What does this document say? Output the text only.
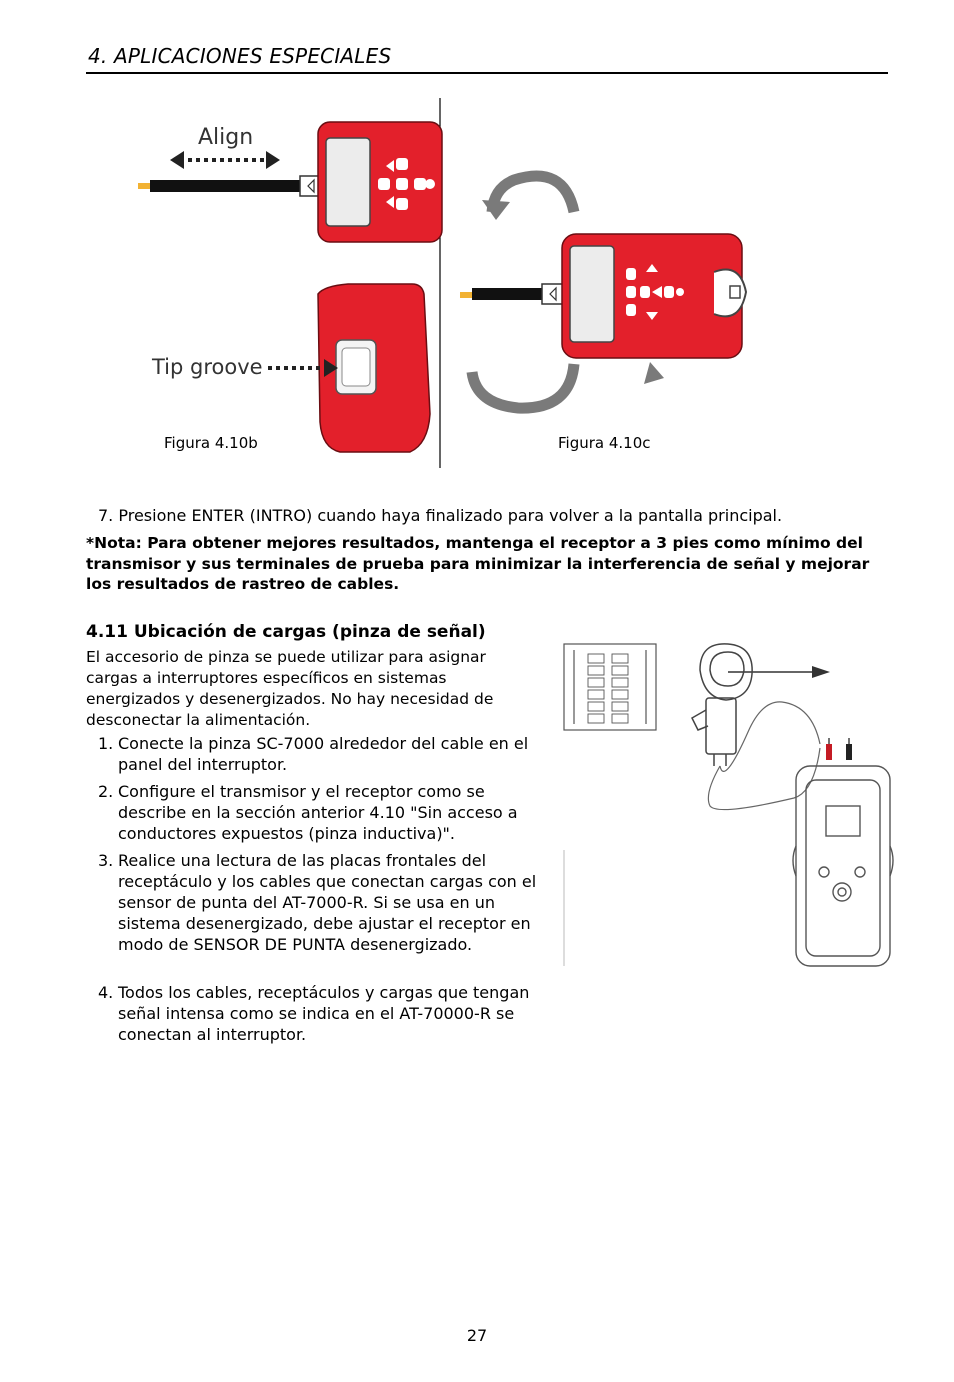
4. APLICACIONES ESPECIALES
Align
Tip groove
Figura 4.10b	Figura 4.10c
7. Presione ENTER (INTRO) cuando haya finalizado para volver a la pantalla principal.
*Nota: Para obtener mejores resultados, mantenga el receptor a 3 pies como mínimo del transmisor y sus terminales de prueba para minimizar la interferencia de señal y mejorar los resultados de rastreo de cables.
4.11 Ubicación de cargas (pinza de señal)
El accesorio de pinza se puede utilizar para asignar cargas a interruptores específicos en sistemas energizados y desenergizados. No hay necesidad de desconectar la alimentación.
1. Conecte la pinza SC-7000 alrededor del cable en el panel del interruptor.
2. Configure el transmisor y el receptor como se describe en la sección anterior 4.10 "Sin acceso a conductores expuestos (pinza inductiva)".
3. Realice una lectura de las placas frontales del receptáculo y los cables que conectan cargas con el sensor de punta del AT-7000-R. Si se usa en un sistema desenergizado, debe ajustar el receptor en modo de SENSOR DE PUNTA desenergizado.
4. Todos los cables, receptáculos y cargas que tengan señal intensa como se indica en el AT-70000-R se conectan al interruptor.
27
